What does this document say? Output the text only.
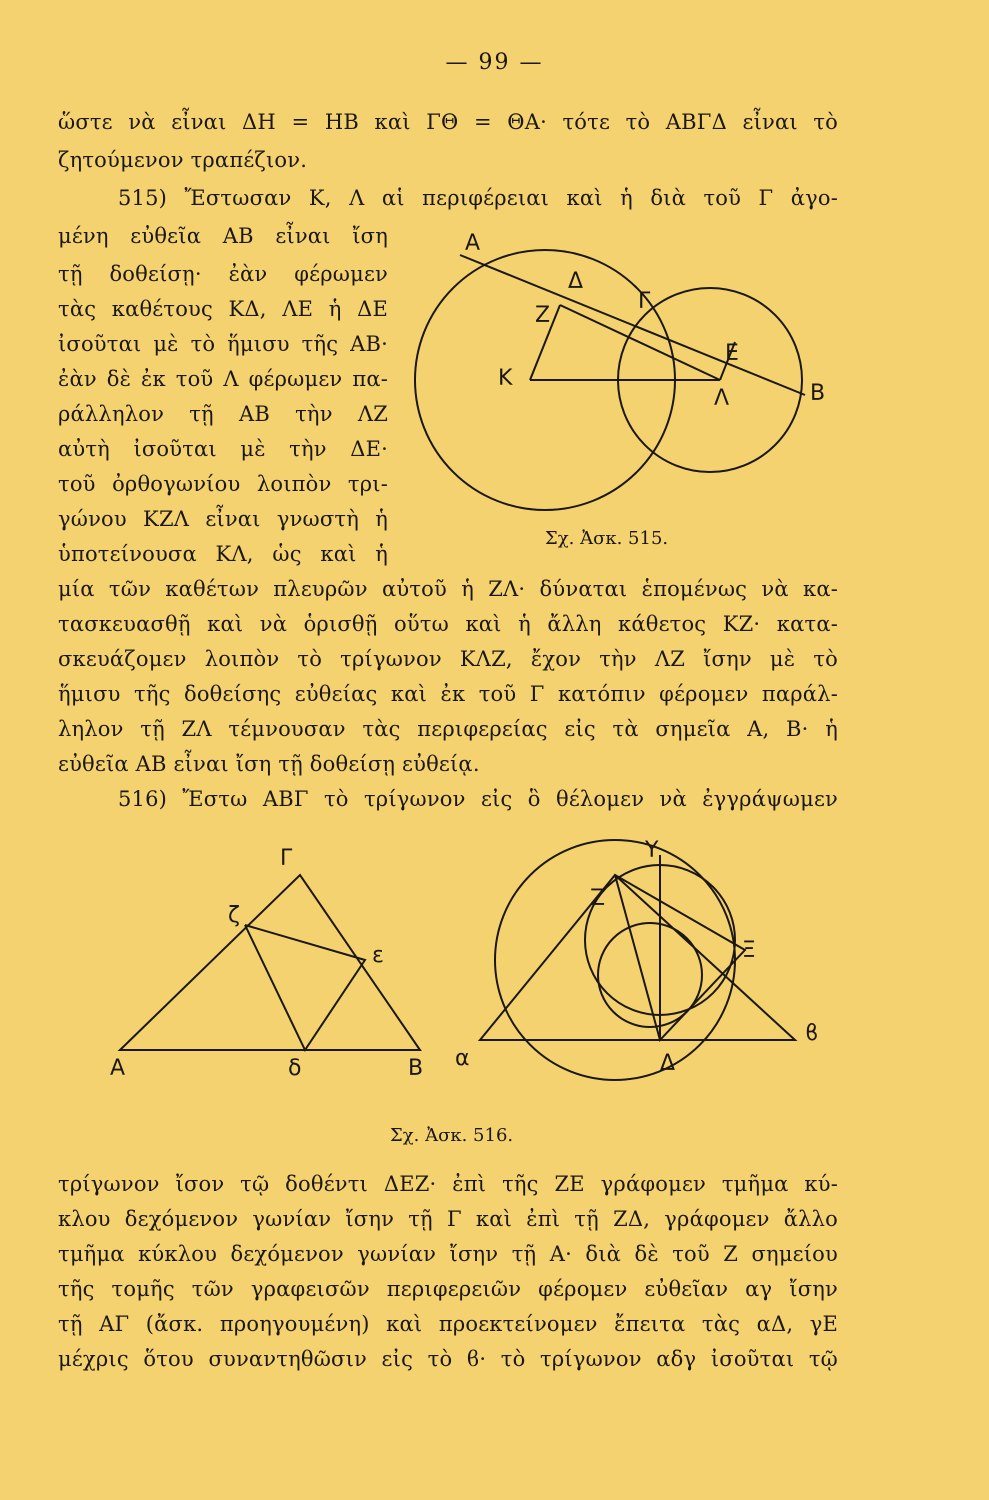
— 99 —
ὥστε νὰ εἶναι ΔΗ = ΗΒ καὶ ΓΘ = ΘΑ· τότε τὸ ΑΒΓΔ εἶναι τὸ
ζητούμενον τραπέζιον.
515) Ἔστωσαν Κ, Λ αἱ περιφέρειαι καὶ ἡ διὰ τοῦ Γ ἀγο-
μένη εὐθεῖα ΑΒ εἶναι ἴση
τῇ δοθείσῃ· ἐὰν φέρωμεν
τὰς καθέτους ΚΔ, ΛΕ ἡ ΔΕ
ἰσοῦται μὲ τὸ ἥμισυ τῆς ΑΒ·
ἐὰν δὲ ἐκ τοῦ Λ φέρωμεν πα-
ράλληλον τῇ ΑΒ τὴν ΛΖ
αὐτὴ ἰσοῦται μὲ τὴν ΔΕ·
τοῦ ὀρθογωνίου λοιπὸν τρι-
γώνου ΚΖΛ εἶναι γνωστὴ ἡ
ὑποτείνουσα ΚΛ, ὡς καὶ ἡ
μία τῶν καθέτων πλευρῶν αὐτοῦ ἡ ΖΛ· δύναται ἑπομένως νὰ κα-
τασκευασθῇ καὶ νὰ ὁρισθῇ οὕτω καὶ ἡ ἄλλη κάθετος ΚΖ· κατα-
σκευάζομεν λοιπὸν τὸ τρίγωνον ΚΛΖ, ἔχον τὴν ΛΖ ἴσην μὲ τὸ
ἥμισυ τῆς δοθείσης εὐθείας καὶ ἐκ τοῦ Γ κατόπιν φέρομεν παράλ-
ληλον τῇ ΖΛ τέμνουσαν τὰς περιφερείας εἰς τὰ σημεῖα Α, Β· ἡ
εὐθεῖα ΑΒ εἶναι ἴση τῇ δοθείσῃ εὐθείᾳ.
516) Ἔστω ΑΒΓ τὸ τρίγωνον εἰς ὃ θέλομεν νὰ ἐγγράψωμεν
Α
Δ
Γ
Ζ
Ε
Κ
Λ	Β
Σχ. Ἀσκ. 515.
Γ
ζ
ε
Α	δ	Β
Υ
Ζ
Ξ
α	Δ
ϐ
Σχ. Ἀσκ. 516.
τρίγωνον ἴσον τῷ δοθέντι ΔΕΖ· ἐπὶ τῆς ΖΕ γράφομεν τμῆμα κύ-
κλου δεχόμενον γωνίαν ἴσην τῇ Γ καὶ ἐπὶ τῇ ΖΔ, γράφομεν ἄλλο
τμῆμα κύκλου δεχόμενον γωνίαν ἴσην τῇ Α· διὰ δὲ τοῦ Ζ σημείου
τῆς τομῆς τῶν γραφεισῶν περιφερειῶν φέρομεν εὐθεῖαν αγ ἴσην
τῇ ΑΓ (ἄσκ. προηγουμένη) καὶ προεκτείνομεν ἔπειτα τὰς αΔ, γΕ
μέχρις ὅτου συναντηθῶσιν εἰς τὸ ϐ· τὸ τρίγωνον αδγ ἰσοῦται τῷ
